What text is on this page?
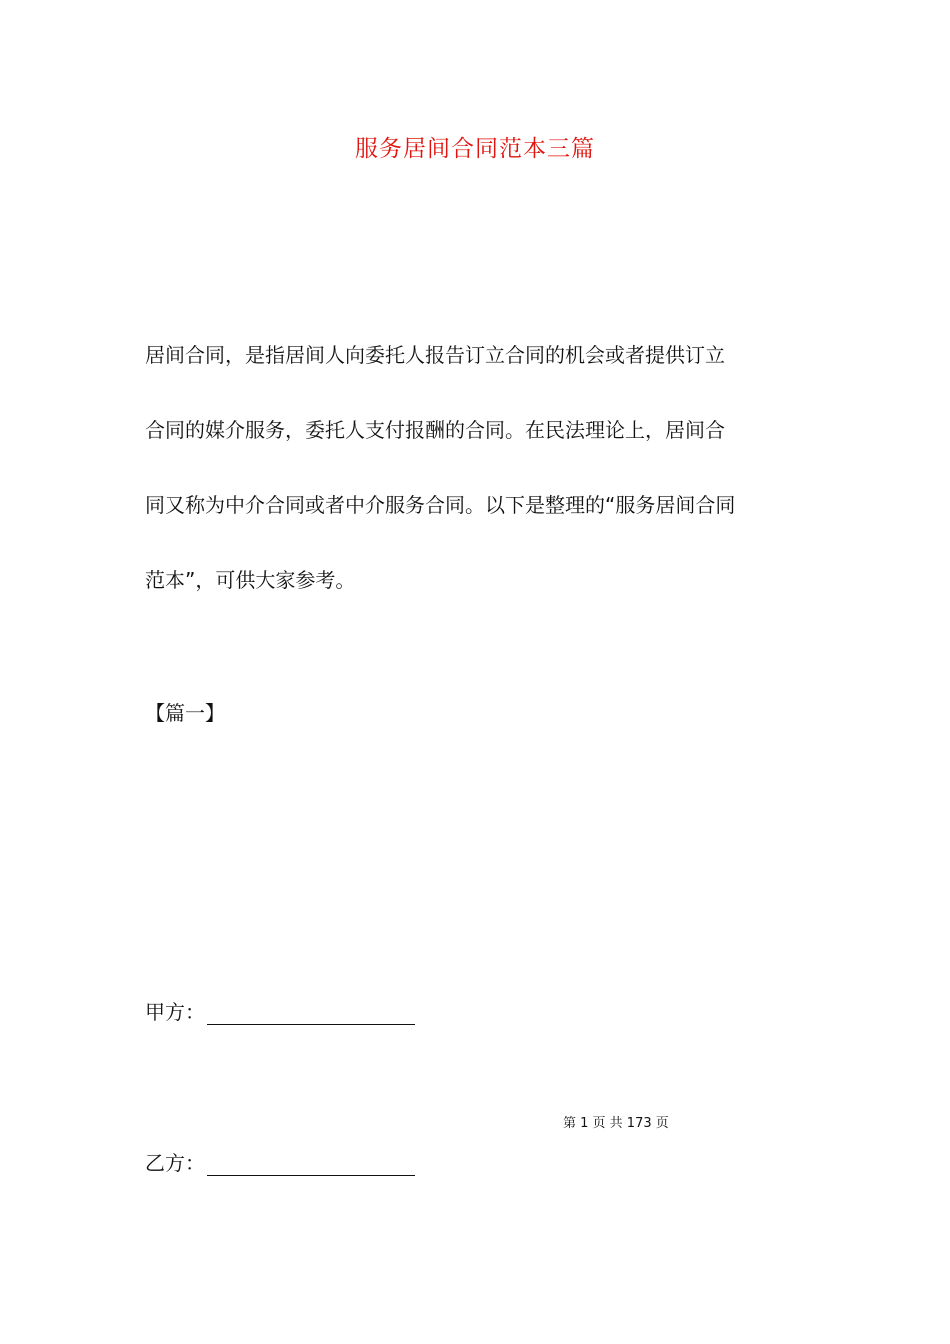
服务居间合同范本三篇

居间合同，是指居间人向委托人报告订立合同的机会或者提供订立
合同的媒介服务，委托人支付报酬的合同。在民法理论上，居间合
同又称为中介合同或者中介服务合同。以下是整理的“服务居间合同
范本”，可供大家参考。

【篇一】
甲方：
第 1 页 共 173 页
乙方：
